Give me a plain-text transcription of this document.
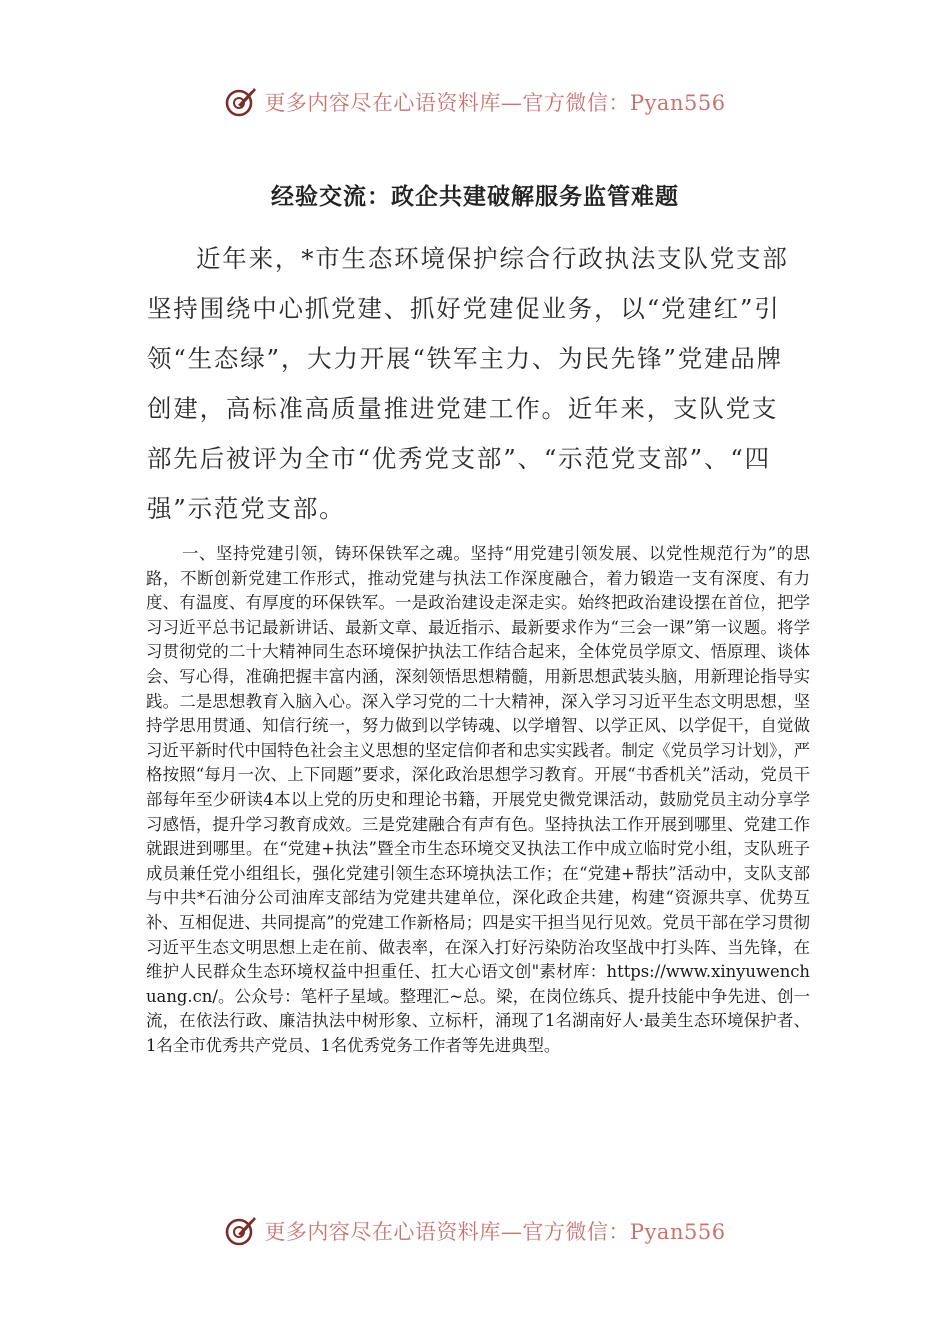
更多内容尽在心语资料库—官方微信：Pyan556
经验交流：政企共建破解服务监管难题

近年来，*市生态环境保护综合行政执法支队党支部坚持围绕中心抓党建、抓好党建促业务，以“党建红”引领“生态绿”，大力开展“铁军主力、为民先锋”党建品牌创建，高标准高质量推进党建工作。近年来，支队党支部先后被评为全市“优秀党支部”、“示范党支部”、“四强”示范党支部。

一、坚持党建引领，铸环保铁军之魂。坚持“用党建引领发展、以党性规范行为”的思路，不断创新党建工作形式，推动党建与执法工作深度融合，着力锻造一支有深度、有力度、有温度、有厚度的环保铁军。一是政治建设走深走实。始终把政治建设摆在首位，把学习习近平总书记最新讲话、最新文章、最近指示、最新要求作为“三会一课”第一议题。将学习贯彻党的二十大精神同生态环境保护执法工作结合起来，全体党员学原文、悟原理、谈体会、写心得，准确把握丰富内涵，深刻领悟思想精髓，用新思想武装头脑，用新理论指导实践。二是思想教育入脑入心。深入学习党的二十大精神，深入学习习近平生态文明思想，坚持学思用贯通、知信行统一，努力做到以学铸魂、以学增智、以学正风、以学促干，自觉做习近平新时代中国特色社会主义思想的坚定信仰者和忠实实践者。制定《党员学习计划》，严格按照“每月一次、上下同题”要求，深化政治思想学习教育。开展“书香机关”活动，党员干部每年至少研读4本以上党的历史和理论书籍，开展党史微党课活动，鼓励党员主动分享学习感悟，提升学习教育成效。三是党建融合有声有色。坚持执法工作开展到哪里、党建工作就跟进到哪里。在“党建+执法”暨全市生态环境交叉执法工作中成立临时党小组，支队班子成员兼任党小组组长，强化党建引领生态环境执法工作；在“党建+帮扶”活动中，支队支部与中共*石油分公司油库支部结为党建共建单位，深化政企共建，构建“资源共享、优势互补、互相促进、共同提高”的党建工作新格局；四是实干担当见行见效。党员干部在学习贯彻习近平生态文明思想上走在前、做表率，在深入打好污染防治攻坚战中打头阵、当先锋，在维护人民群众生态环境权益中担重任、扛大心语文创"素材库：https://www.xinyuwenchuang.cn/。公众号：笔杆子星域。整理汇~总。梁，在岗位练兵、提升技能中争先进、创一流，在依法行政、廉洁执法中树形象、立标杆，涌现了1名湖南好人·最美生态环境保护者、1名全市优秀共产党员、1名优秀党务工作者等先进典型。

更多内容尽在心语资料库—官方微信：Pyan556
